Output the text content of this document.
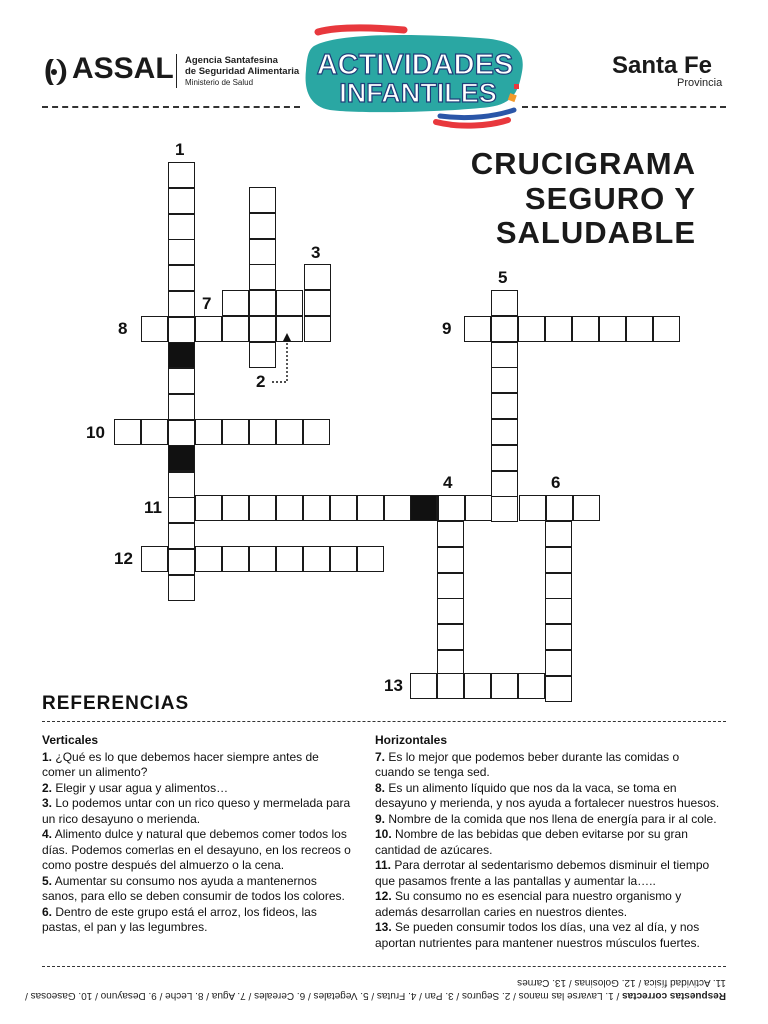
ASSAL Agencia Santafesina
de Seguridad Alimentaria
Ministerio de Salud
ACTIVIDADES
INFANTILES
Santa Fe
Provincia
CRUCIGRAMA
SEGURO Y
SALUDABLE
1
2
3
4
5
6
7
8	9
10
11
12
13
REFERENCIAS
Verticales

1. ¿Qué es lo que debemos hacer siempre antes de comer un alimento?

2. Elegir y usar agua y alimentos…

3. Lo podemos untar con un rico queso y mermelada para un rico desayuno o merienda.

4. Alimento dulce y natural que debemos comer todos los días. Podemos comerlas en el desayuno, en los recreos o como postre después del almuerzo o la cena.

5. Aumentar su consumo nos ayuda a mantenernos sanos, para ello se deben consumir de todos los colores.

6. Dentro de este grupo está el arroz, los fideos, las pastas, el pan y las legumbres.

Horizontales

7. Es lo mejor que podemos beber durante las comidas o cuando se tenga sed.

8. Es un alimento líquido que nos da la vaca, se toma en desayuno y merienda, y nos ayuda a fortalecer nuestros huesos.

9. Nombre de la comida que nos llena de energía para ir al cole.

10. Nombre de las bebidas que deben evitarse por su gran cantidad de azúcares.

11. Para derrotar al sedentarismo debemos disminuir el tiempo que pasamos frente a las pantallas y aumentar la…..

12. Su consumo no es esencial para nuestro organismo y además desarrollan caries en nuestros dientes.

13. Se pueden consumir todos los días, una vez al día, y nos aportan nutrientes para mantener nuestros músculos fuertes.

Respuestas correctas / 1. Lavarse las manos / 2. Seguros / 3. Pan / 4. Frutas / 5. Vegetales / 6. Cereales / 7. Agua / 8. Leche / 9. Desayuno / 10. Gaseosas /
11. Actividad física / 12. Golosinas / 13. Carnes
